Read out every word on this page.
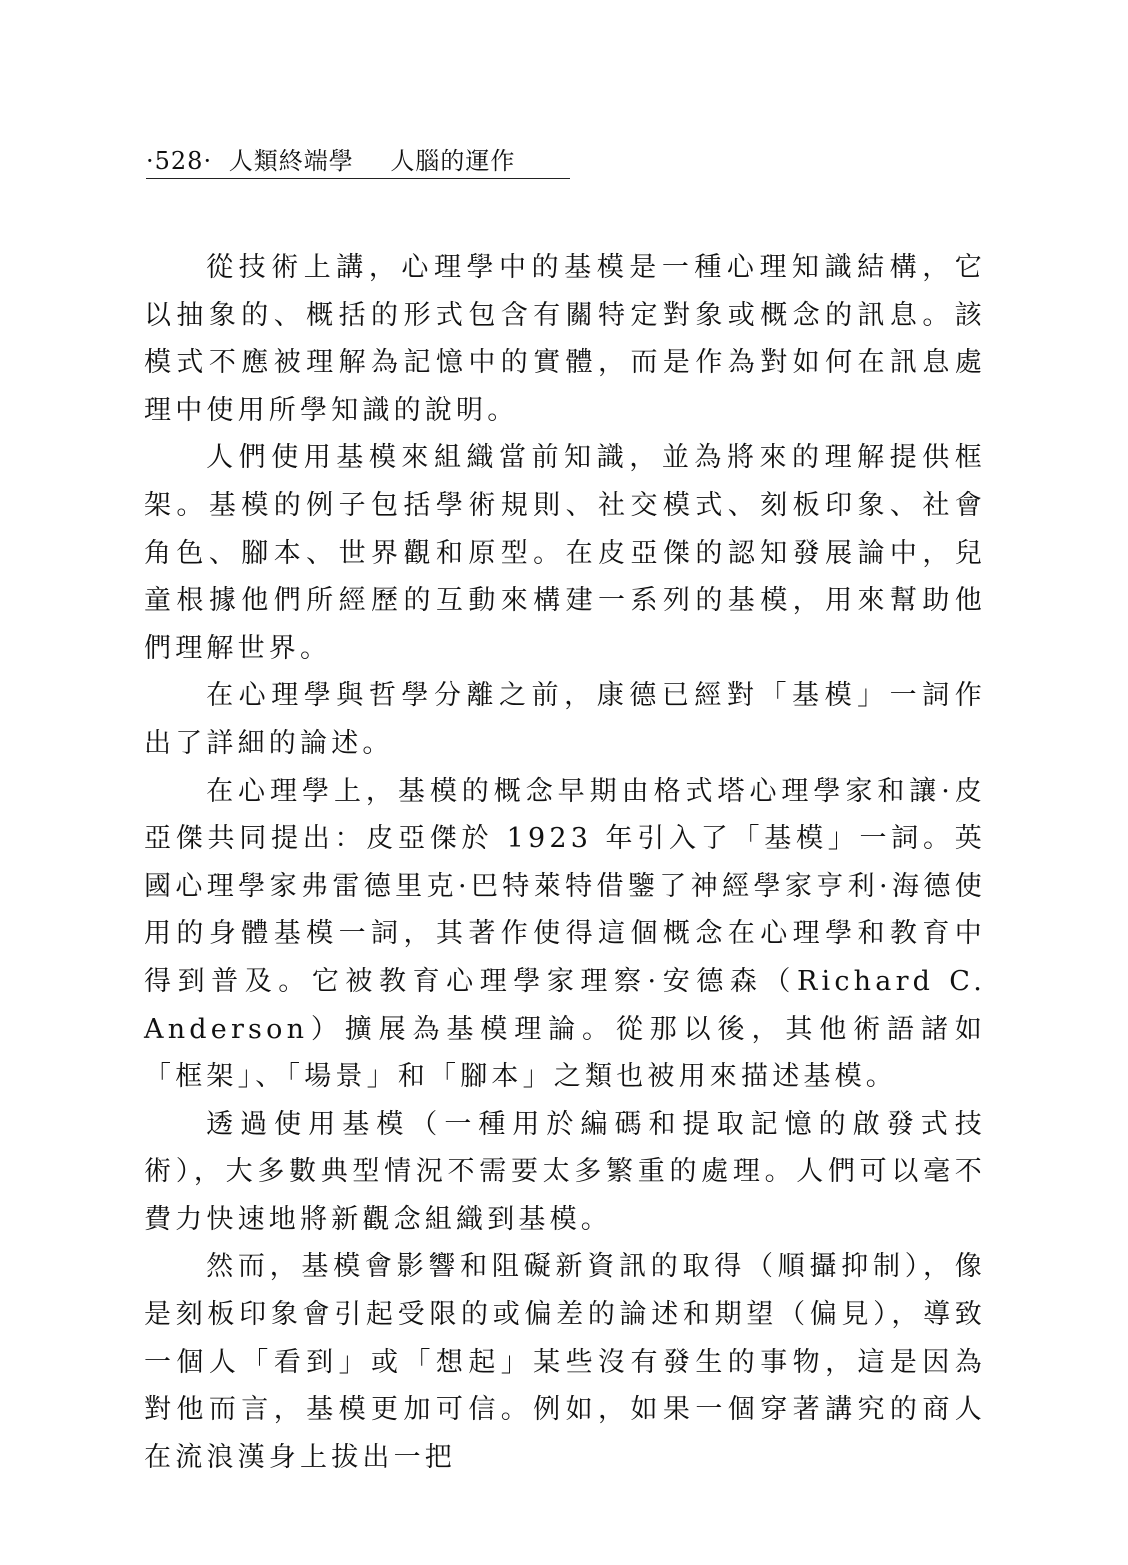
·528· 人類終端學 人腦的運作

從技術上講，心理學中的基模是一種心理知識結構，它以抽象的、概括的形式包含有關特定對象或概念的訊息。該模式不應被理解為記憶中的實體，而是作為對如何在訊息處理中使用所學知識的說明。

人們使用基模來組織當前知識，並為將來的理解提供框架。基模的例子包括學術規則、社交模式、刻板印象、社會角色、腳本、世界觀和原型。在皮亞傑的認知發展論中，兒童根據他們所經歷的互動來構建一系列的基模，用來幫助他們理解世界。

在心理學與哲學分離之前，康德已經對「基模」一詞作出了詳細的論述。

在心理學上，基模的概念早期由格式塔心理學家和讓·皮亞傑共同提出：皮亞傑於 1923 年引入了「基模」一詞。英國心理學家弗雷德里克·巴特萊特借鑒了神經學家亨利·海德使用的身體基模一詞，其著作使得這個概念在心理學和教育中得到普及。它被教育心理學家理察·安德森（Richard C. Anderson）擴展為基模理論。從那以後，其他術語諸如「框架」、「場景」和「腳本」之類也被用來描述基模。

透過使用基模（一種用於編碼和提取記憶的啟發式技術），大多數典型情況不需要太多繁重的處理。人們可以毫不費力快速地將新觀念組織到基模。

然而，基模會影響和阻礙新資訊的取得（順攝抑制），像是刻板印象會引起受限的或偏差的論述和期望（偏見），導致一個人「看到」或「想起」某些沒有發生的事物，這是因為對他而言，基模更加可信。例如，如果一個穿著講究的商人在流浪漢身上拔出一把
